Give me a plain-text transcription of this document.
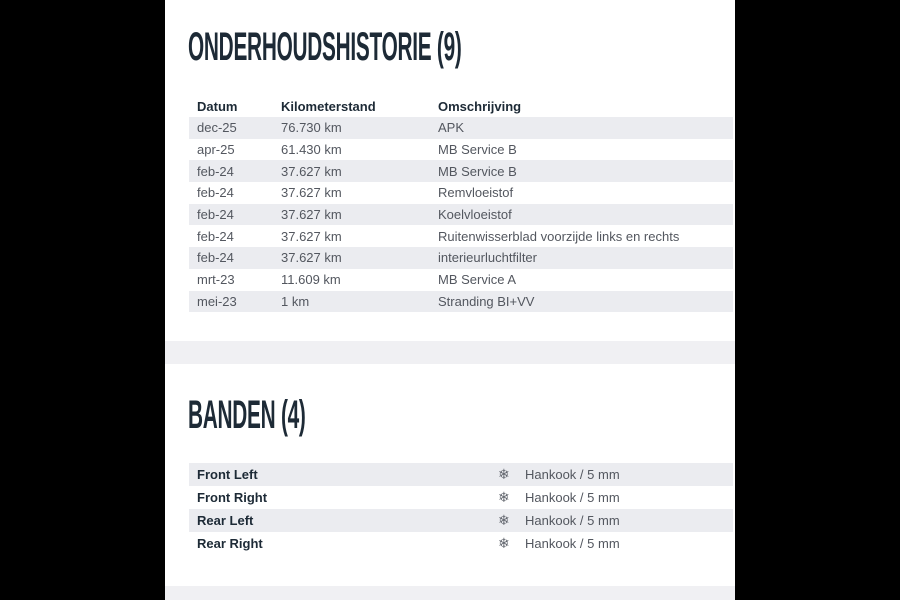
ONDERHOUDSHISTORIE (9)
Datum	Kilometerstand	Omschrijving
dec-25	76.730 km	APK
apr-25	61.430 km	MB Service B
feb-24	37.627 km	MB Service B
feb-24	37.627 km	Remvloeistof
feb-24	37.627 km	Koelvloeistof
feb-24	37.627 km	Ruitenwisserblad voorzijde links en rechts
feb-24	37.627 km	interieurluchtfilter
mrt-23	11.609 km	MB Service A
mei-23	1 km	Stranding BI+VV
BANDEN (4)
Front Left	❄	Hankook / 5 mm
Front Right	❄	Hankook / 5 mm
Rear Left	❄	Hankook / 5 mm
Rear Right	❄	Hankook / 5 mm
